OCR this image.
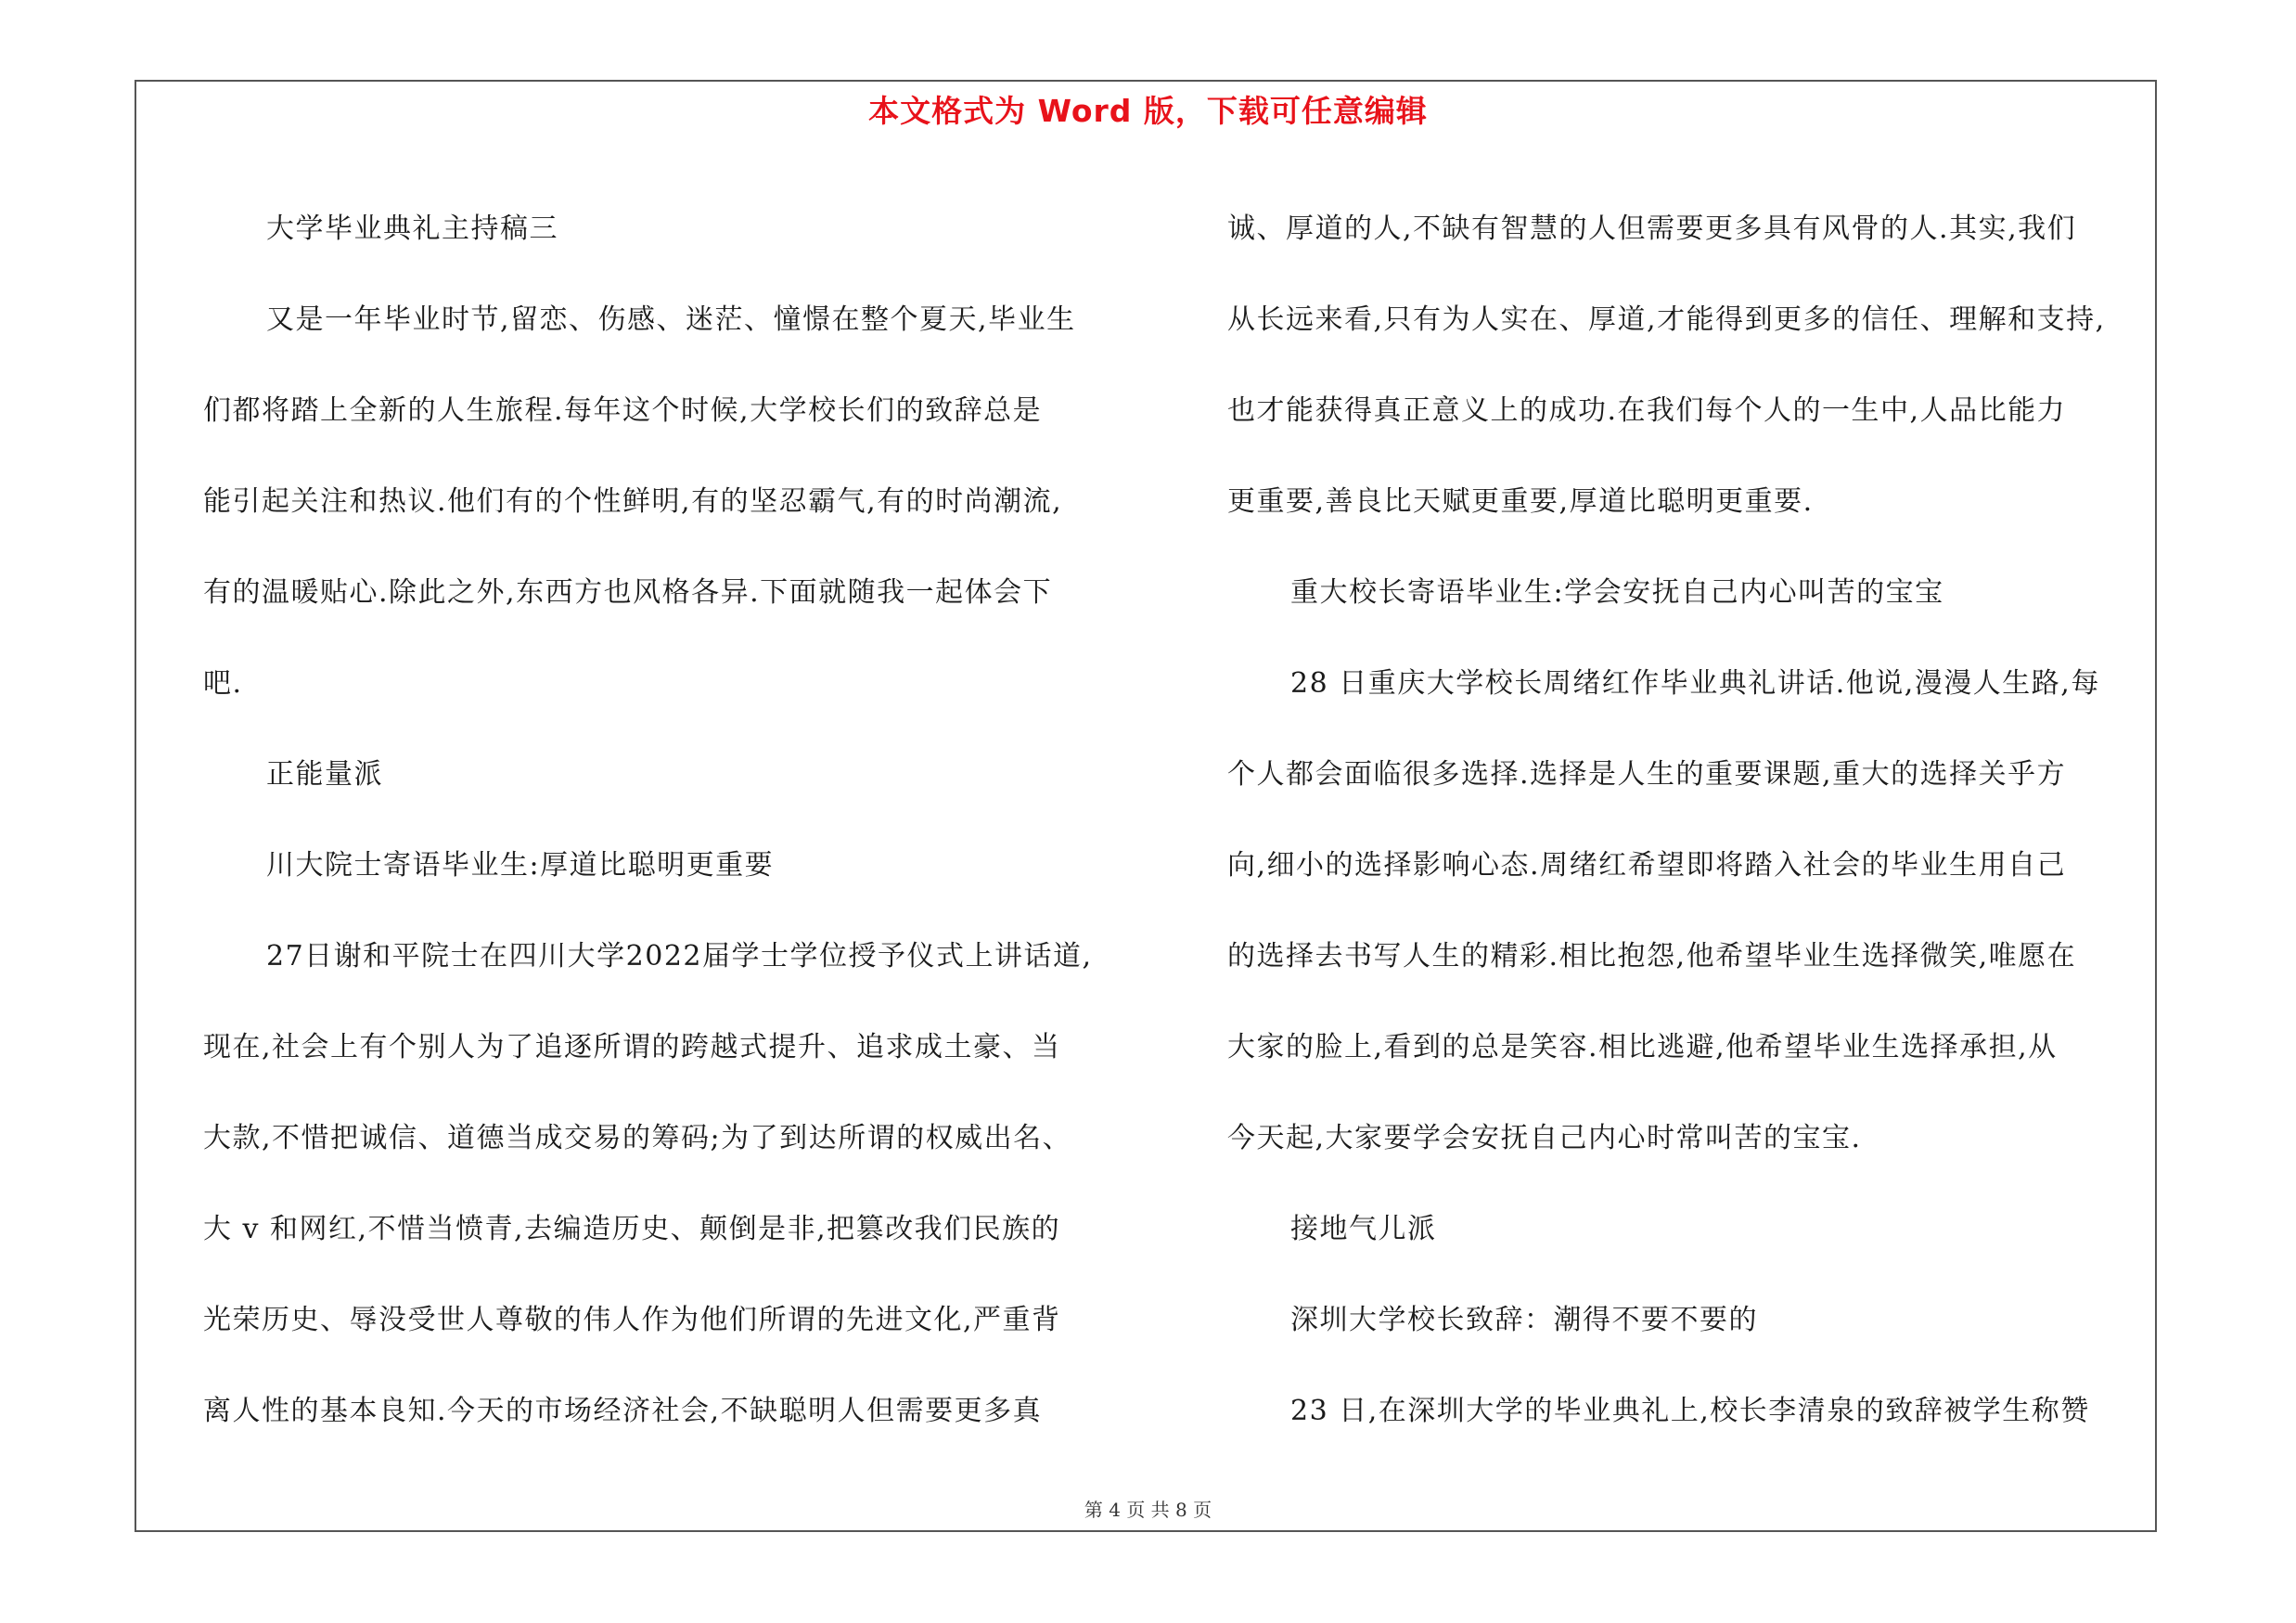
本文格式为 Word 版，下载可任意编辑

大学毕业典礼主持稿三

又是一年毕业时节,留恋、伤感、迷茫、憧憬在整个夏天,毕业生

们都将踏上全新的人生旅程.每年这个时候,大学校长们的致辞总是

能引起关注和热议.他们有的个性鲜明,有的坚忍霸气,有的时尚潮流,

有的温暖贴心.除此之外,东西方也风格各异.下面就随我一起体会下

吧.

正能量派

川大院士寄语毕业生:厚道比聪明更重要

27日谢和平院士在四川大学2022届学士学位授予仪式上讲话道,

现在,社会上有个别人为了追逐所谓的跨越式提升、追求成土豪、当

大款,不惜把诚信、道德当成交易的筹码;为了到达所谓的权威出名、

大 v 和网红,不惜当愤青,去编造历史、颠倒是非,把篡改我们民族的

光荣历史、辱没受世人尊敬的伟人作为他们所谓的先进文化,严重背

离人性的基本良知.今天的市场经济社会,不缺聪明人但需要更多真

诚、厚道的人,不缺有智慧的人但需要更多具有风骨的人.其实,我们

从长远来看,只有为人实在、厚道,才能得到更多的信任、理解和支持,

也才能获得真正意义上的成功.在我们每个人的一生中,人品比能力

更重要,善良比天赋更重要,厚道比聪明更重要.

重大校长寄语毕业生:学会安抚自己内心叫苦的宝宝

28 日重庆大学校长周绪红作毕业典礼讲话.他说,漫漫人生路,每

个人都会面临很多选择.选择是人生的重要课题,重大的选择关乎方

向,细小的选择影响心态.周绪红希望即将踏入社会的毕业生用自己

的选择去书写人生的精彩.相比抱怨,他希望毕业生选择微笑,唯愿在

大家的脸上,看到的总是笑容.相比逃避,他希望毕业生选择承担,从

今天起,大家要学会安抚自己内心时常叫苦的宝宝.

接地气儿派

深圳大学校长致辞：潮得不要不要的

23 日,在深圳大学的毕业典礼上,校长李清泉的致辞被学生称赞

第 4 页 共 8 页
